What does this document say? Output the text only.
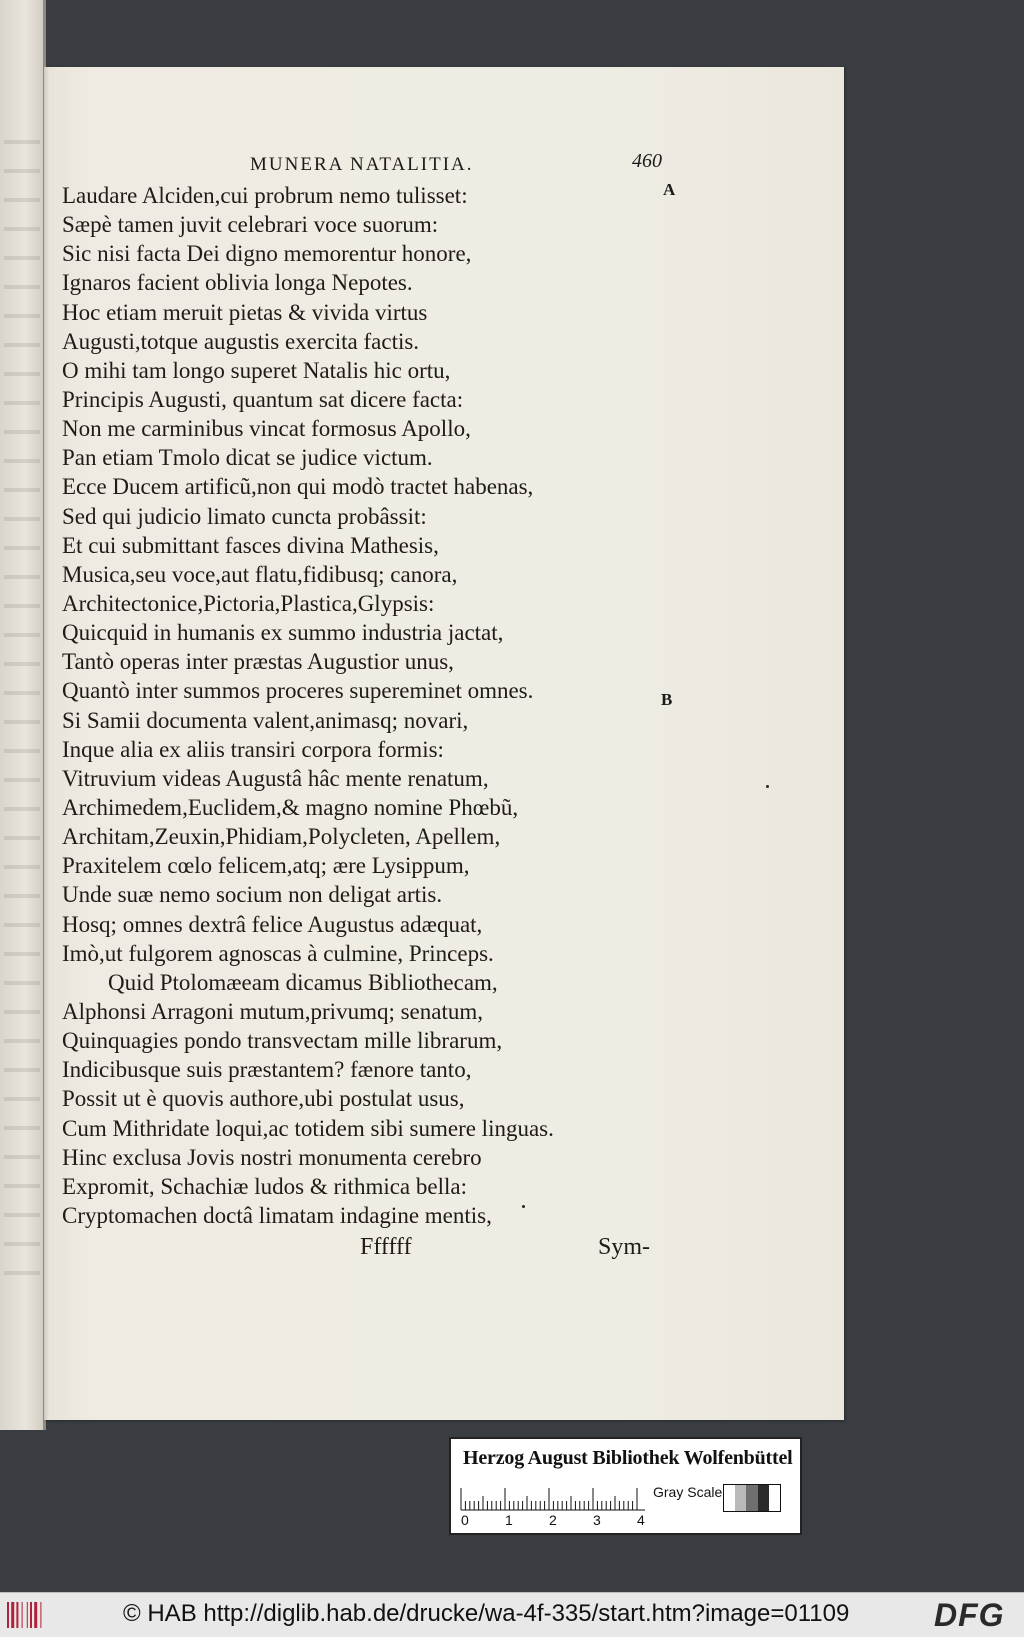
MUNERA NATALITIA.	460
A
B
Laudare Alciden,cui probrum nemo tulisset:
Sæpè tamen juvit celebrari voce suorum:
Sic nisi facta Dei digno memorentur honore,
Ignaros facient oblivia longa Nepotes.
Hoc etiam meruit pietas & vivida virtus
Augusti,totque augustis exercita factis.
O mihi tam longo superet Natalis hic ortu,
Principis Augusti, quantum sat dicere facta:
Non me carminibus vincat formosus Apollo,
Pan etiam Tmolo dicat se judice victum.
Ecce Ducem artificũ,non qui modò tractet habenas,
Sed qui judicio limato cuncta probâssit:
Et cui submittant fasces divina Mathesis,
Musica,seu voce,aut flatu,fidibusq; canora,
Architectonice,Pictoria,Plastica,Glypsis:
Quicquid in humanis ex summo industria jactat,
Tantò operas inter præstas Augustior unus,
Quantò inter summos proceres supereminet omnes.
Si Samii documenta valent,animasq; novari,
Inque alia ex aliis transiri corpora formis:
Vitruvium videas Augustâ hâc mente renatum,
Archimedem,Euclidem,& magno nomine Phœbũ,
Architam,Zeuxin,Phidiam,Polycleten, Apellem,
Praxitelem cœlo felicem,atq; ære Lysippum,
Unde suæ nemo socium non deligat artis.
Hosq; omnes dextrâ felice Augustus adæquat,
Imò,ut fulgorem agnoscas à culmine, Princeps.
Quid Ptolomæeam dicamus Bibliothecam,
Alphonsi Arragoni mutum,privumq; senatum,
Quinquagies pondo transvectam mille librarum,
Indicibusque suis præstantem? fænore tanto,
Possit ut è quovis authore,ubi postulat usus,
Cum Mithridate loqui,ac totidem sibi sumere linguas.
Hinc exclusa Jovis nostri monumenta cerebro
Expromit, Schachiæ ludos & rithmica bella:
Cryptomachen doctâ limatam indagine mentis,
Ffffff	Sym-
Herzog August Bibliothek Wolfenbüttel
0	1	2	3	4
Gray Scale
© HAB http://diglib.hab.de/drucke/wa-4f-335/start.htm?image=01109	DFG
